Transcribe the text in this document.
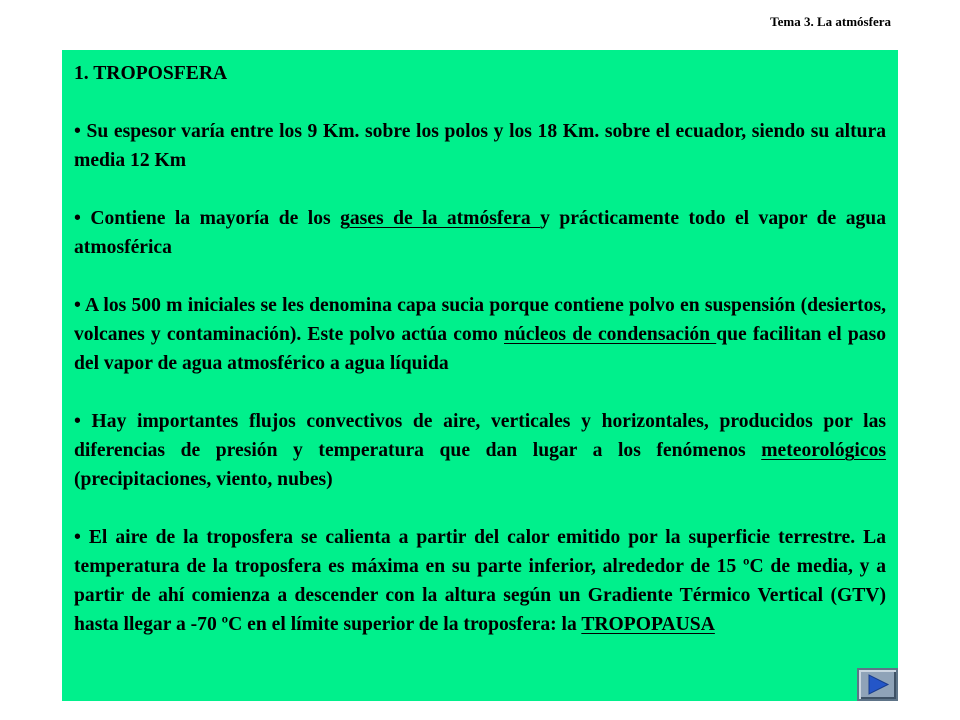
Tema 3. La atmósfera
1. TROPOSFERA
• Su espesor varía entre los 9 Km. sobre los polos y los 18 Km. sobre el ecuador, siendo su altura media 12 Km
• Contiene la mayoría de los gases de la atmósfera y prácticamente todo el vapor de agua atmosférica
• A los 500 m iniciales se les denomina capa sucia porque contiene polvo en suspensión (desiertos, volcanes y contaminación). Este polvo actúa como núcleos de condensación que facilitan el paso del vapor de agua atmosférico a agua líquida
• Hay importantes flujos convectivos de aire, verticales y horizontales, producidos por las diferencias de presión y temperatura que dan lugar a los fenómenos meteorológicos (precipitaciones, viento, nubes)
• El aire de la troposfera se calienta a partir del calor emitido por la superficie terrestre. La temperatura de la troposfera es máxima en su parte inferior, alrededor de 15 ºC de media, y a partir de ahí comienza a descender con la altura según un Gradiente Térmico Vertical (GTV) hasta llegar a -70 ºC en el límite superior de la troposfera: la TROPOPAUSA
